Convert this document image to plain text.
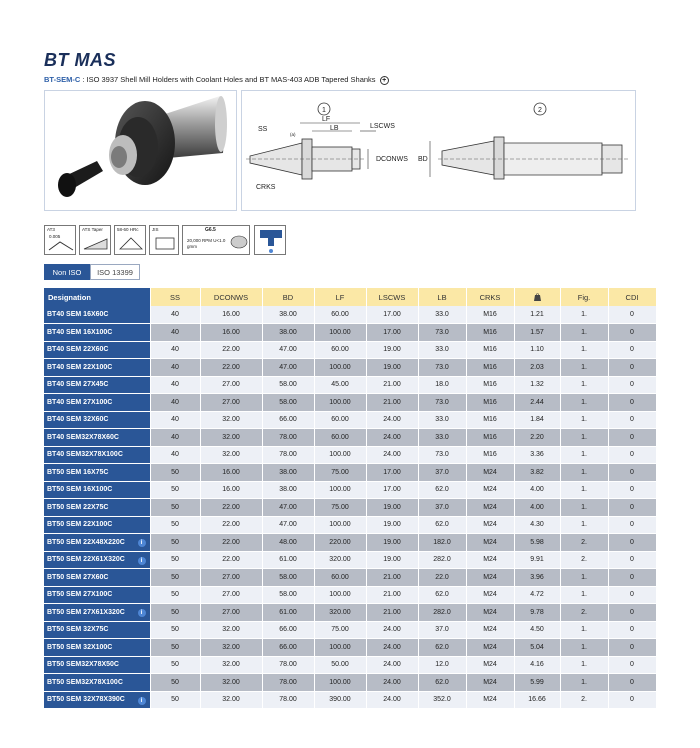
BT MAS
BT-SEM-C : ISO 3937 Shell Mill Holders with Coolant Holes and BT MAS-403 ADB Tapered Shanks +
1
LF
LB	LSCWS
SS
(a)
DCONWS BD
CRKS
2
AT3
0.005
ATS Taper	58-60 HRc	JIS	G6.5
20,000 RPM U<1.0 gmm
Non ISO	ISO 13399
Designation	SS	DCONWS	BD	LF	LSCWS	LB	CRKS		Fig.	CDI
BT40 SEM 16X60C	40	16.00	38.00	60.00	17.00	33.0	M16	1.21	1.	0
BT40 SEM 16X100C	40	16.00	38.00	100.00	17.00	73.0	M16	1.57	1.	0
BT40 SEM 22X60C	40	22.00	47.00	60.00	19.00	33.0	M16	1.10	1.	0
BT40 SEM 22X100C	40	22.00	47.00	100.00	19.00	73.0	M16	2.03	1.	0
BT40 SEM 27X45C	40	27.00	58.00	45.00	21.00	18.0	M16	1.32	1.	0
BT40 SEM 27X100C	40	27.00	58.00	100.00	21.00	73.0	M16	2.44	1.	0
BT40 SEM 32X60C	40	32.00	66.00	60.00	24.00	33.0	M16	1.84	1.	0
BT40 SEM32X78X60C	40	32.00	78.00	60.00	24.00	33.0	M16	2.20	1.	0
BT40 SEM32X78X100C	40	32.00	78.00	100.00	24.00	73.0	M16	3.36	1.	0
BT50 SEM 16X75C	50	16.00	38.00	75.00	17.00	37.0	M24	3.82	1.	0
BT50 SEM 16X100C	50	16.00	38.00	100.00	17.00	62.0	M24	4.00	1.	0
BT50 SEM 22X75C	50	22.00	47.00	75.00	19.00	37.0	M24	4.00	1.	0
BT50 SEM 22X100C	50	22.00	47.00	100.00	19.00	62.0	M24	4.30	1.	0
BT50 SEM 22X48X220C i	50	22.00	48.00	220.00	19.00	182.0	M24	5.98	2.	0
BT50 SEM 22X61X320C i	50	22.00	61.00	320.00	19.00	282.0	M24	9.91	2.	0
BT50 SEM 27X60C	50	27.00	58.00	60.00	21.00	22.0	M24	3.96	1.	0
BT50 SEM 27X100C	50	27.00	58.00	100.00	21.00	62.0	M24	4.72	1.	0
BT50 SEM 27X61X320C i	50	27.00	61.00	320.00	21.00	282.0	M24	9.78	2.	0
BT50 SEM 32X75C	50	32.00	66.00	75.00	24.00	37.0	M24	4.50	1.	0
BT50 SEM 32X100C	50	32.00	66.00	100.00	24.00	62.0	M24	5.04	1.	0
BT50 SEM32X78X50C	50	32.00	78.00	50.00	24.00	12.0	M24	4.16	1.	0
BT50 SEM32X78X100C	50	32.00	78.00	100.00	24.00	62.0	M24	5.99	1.	0
BT50 SEM 32X78X390C i	50	32.00	78.00	390.00	24.00	352.0	M24	16.66	2.	0
